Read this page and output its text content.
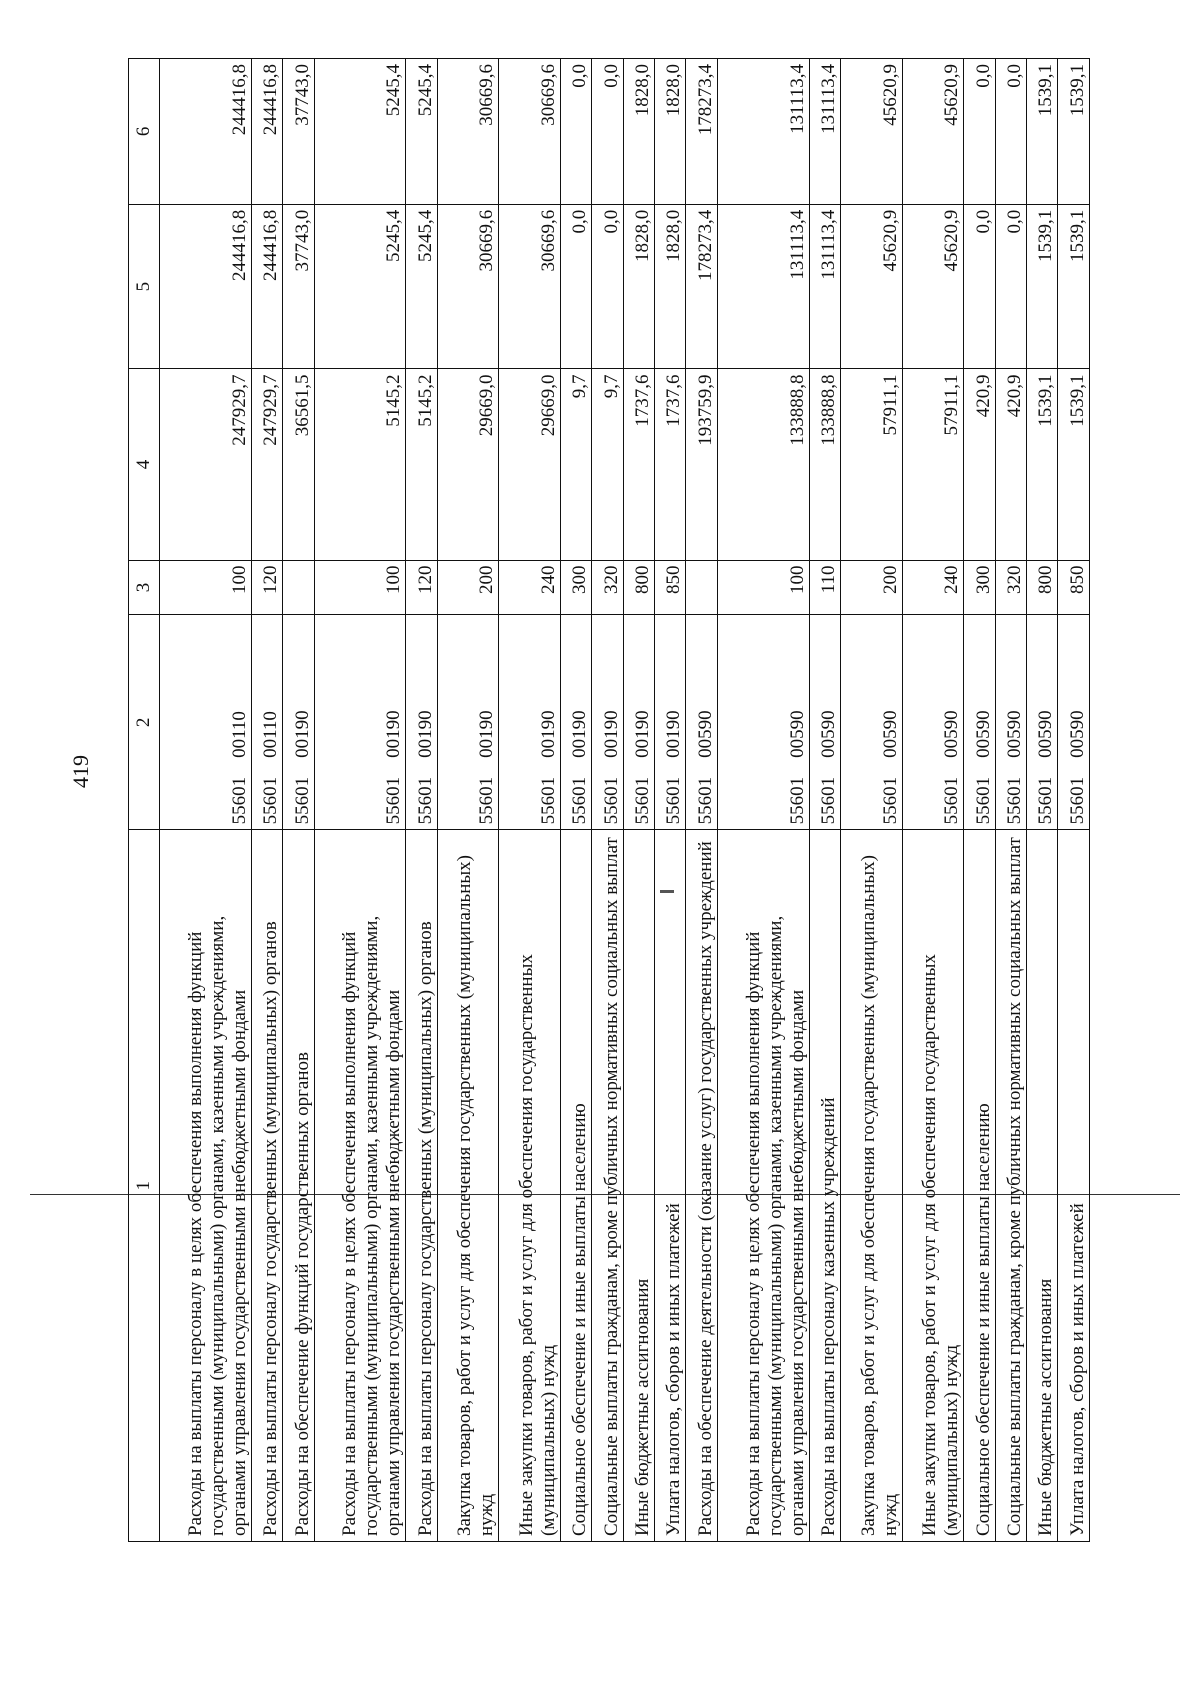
419
1	2	3	4	5	6
Расходы на выплаты персоналу в целях обеспечения выполнения функций государственными (муниципальными) органами, казенными учреждениями, органами управления государственными внебюджетными фондами	55601    00110	100	247929,7	244416,8	244416,8
Расходы на выплаты персоналу государственных (муниципальных) органов	55601    00110	120	247929,7	244416,8	244416,8
Расходы на обеспечение функций государственных органов	55601    00190		36561,5	37743,0	37743,0
Расходы на выплаты персоналу в целях обеспечения выполнения функций государственными (муниципальными) органами, казенными учреждениями, органами управления государственными внебюджетными фондами	55601    00190	100	5145,2	5245,4	5245,4
Расходы на выплаты персоналу государственных (муниципальных) органов	55601    00190	120	5145,2	5245,4	5245,4
Закупка товаров, работ и услуг для обеспечения государственных (муниципальных) нужд	55601    00190	200	29669,0	30669,6	30669,6
Иные закупки товаров, работ и услуг для обеспечения государственных (муниципальных) нужд	55601    00190	240	29669,0	30669,6	30669,6
Социальное обеспечение и иные выплаты населению	55601    00190	300	9,7	0,0	0,0
Социальные выплаты гражданам, кроме публичных нормативных социальных выплат	55601    00190	320	9,7	0,0	0,0
Иные бюджетные ассигнования	55601    00190	800	1737,6	1828,0	1828,0
Уплата налогов, сборов и иных платежей	55601    00190	850	1737,6	1828,0	1828,0
Расходы на обеспечение деятельности (оказание услуг) государственных учреждений	55601    00590		193759,9	178273,4	178273,4
Расходы на выплаты персоналу в целях обеспечения выполнения функций государственными (муниципальными) органами, казенными учреждениями, органами управления государственными внебюджетными фондами	55601    00590	100	133888,8	131113,4	131113,4
Расходы на выплаты персоналу казенных учреждений	55601    00590	110	133888,8	131113,4	131113,4
Закупка товаров, работ и услуг для обеспечения государственных (муниципальных) нужд	55601    00590	200	57911,1	45620,9	45620,9
Иные закупки товаров, работ и услуг для обеспечения государственных (муниципальных) нужд	55601    00590	240	57911,1	45620,9	45620,9
Социальное обеспечение и иные выплаты населению	55601    00590	300	420,9	0,0	0,0
Социальные выплаты гражданам, кроме публичных нормативных социальных выплат	55601    00590	320	420,9	0,0	0,0
Иные бюджетные ассигнования	55601    00590	800	1539,1	1539,1	1539,1
Уплата налогов, сборов и иных платежей	55601    00590	850	1539,1	1539,1	1539,1
